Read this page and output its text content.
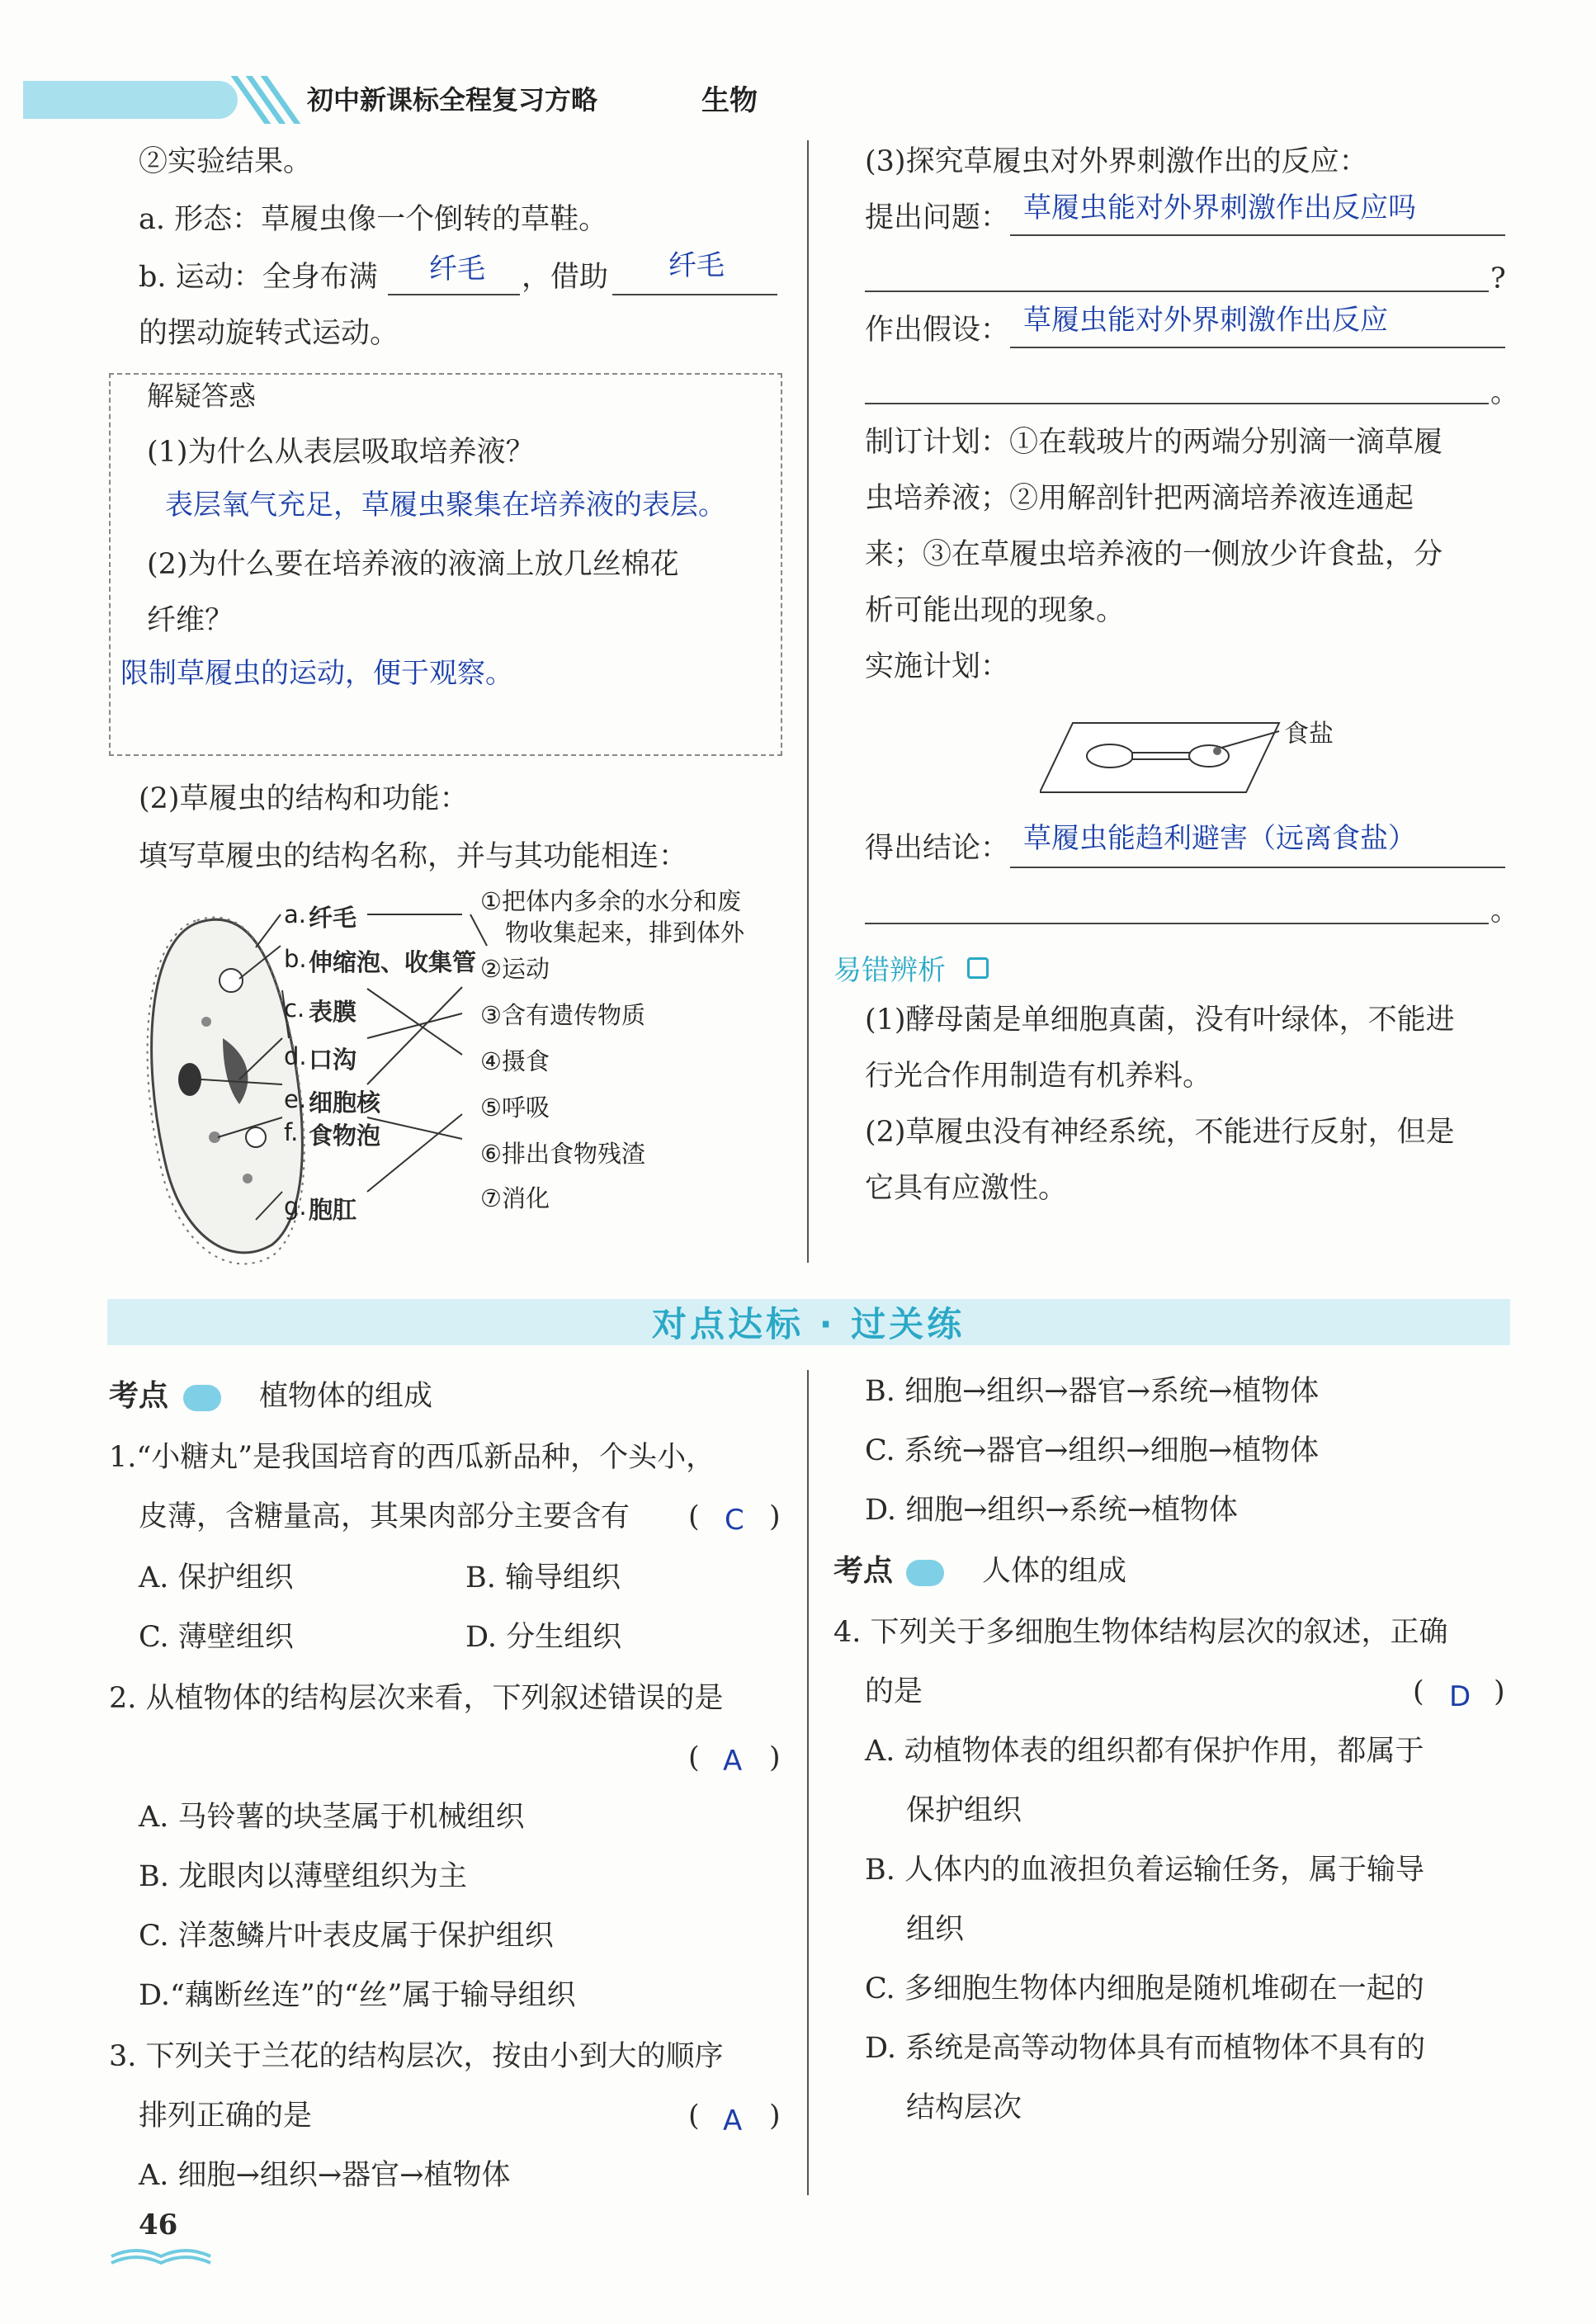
初中新课标全程复习方略	生物
②实验结果。
a. 形态：草履虫像一个倒转的草鞋。
b. 运动：全身布满 纤毛 ，借助 纤毛
的摆动旋转式运动。
解疑答惑
(1)为什么从表层吸取培养液？
表层氧气充足，草履虫聚集在培养液的表层。
(2)为什么要在培养液的液滴上放几丝棉花
纤维？
限制草履虫的运动，便于观察。
(2)草履虫的结构和功能：
填写草履虫的结构名称，并与其功能相连：
a. 纤毛
b. 伸缩泡、收集管
c. 表膜
d. 口沟
e. 细胞核
f. 食物泡
g. 胞肛
①把体内多余的水分和废
物收集起来，排到体外
②运动
③含有遗传物质
④摄食
⑤呼吸
⑥排出食物残渣
⑦消化
(3)探究草履虫对外界刺激作出的反应：
提出问题： 草履虫能对外界刺激作出反应吗
?
作出假设： 草履虫能对外界刺激作出反应
。
制订计划：①在载玻片的两端分别滴一滴草履
虫培养液；②用解剖针把两滴培养液连通起
来；③在草履虫培养液的一侧放少许食盐，分
析可能出现的现象。
实施计划：
食盐
得出结论： 草履虫能趋利避害（远离食盐）
。
易错辨析
(1)酵母菌是单细胞真菌，没有叶绿体，不能进
行光合作用制造有机养料。
(2)草履虫没有神经系统，不能进行反射，但是
它具有应激性。
对点达标 · 过关练
考点	植物体的组成
1.“小糖丸”是我国培育的西瓜新品种，个头小，
皮薄，含糖量高，其果肉部分主要含有 ( C )
A. 保护组织	B. 输导组织
C. 薄壁组织	D. 分生组织
2. 从植物体的结构层次来看，下列叙述错误的是
( A )
A. 马铃薯的块茎属于机械组织
B. 龙眼肉以薄壁组织为主
C. 洋葱鳞片叶表皮属于保护组织
D.“藕断丝连”的“丝”属于输导组织
3. 下列关于兰花的结构层次，按由小到大的顺序
排列正确的是	( A )
A. 细胞→组织→器官→植物体
B. 细胞→组织→器官→系统→植物体
C. 系统→器官→组织→细胞→植物体
D. 细胞→组织→系统→植物体
考点	人体的组成
4. 下列关于多细胞生物体结构层次的叙述，正确
的是	( D )
A. 动植物体表的组织都有保护作用，都属于
保护组织
B. 人体内的血液担负着运输任务，属于输导
组织
C. 多细胞生物体内细胞是随机堆砌在一起的
D. 系统是高等动物体具有而植物体不具有的
结构层次
46
